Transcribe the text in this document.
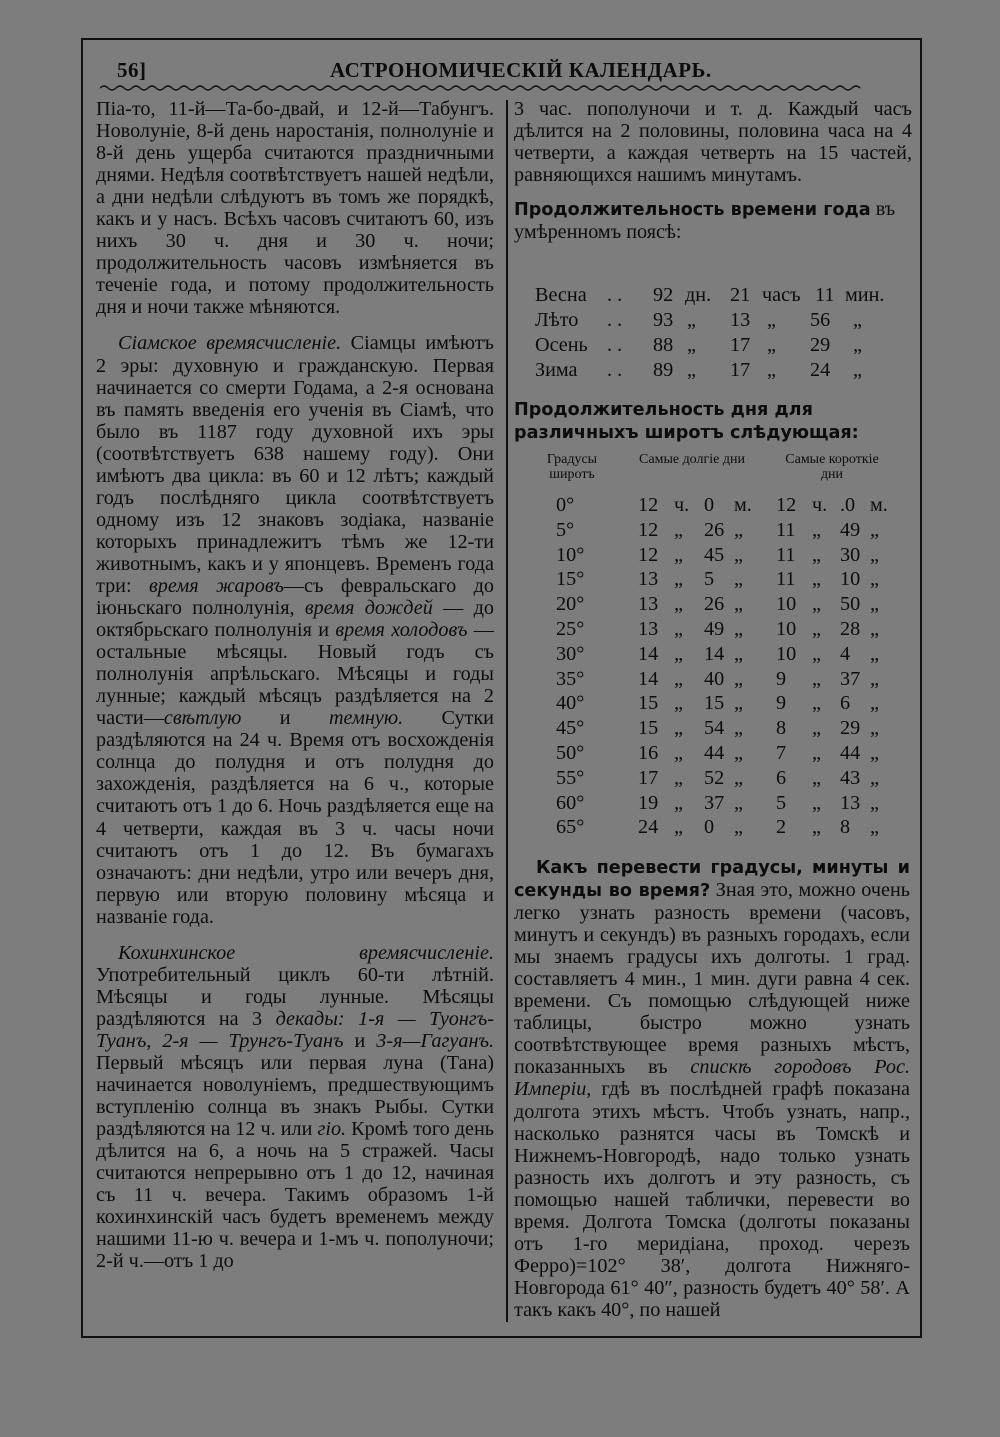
56]	АСТРОНОМИЧЕСКІЙ КАЛЕНДАРЬ.

Піа-то, 11-й—Та-бо-двай, и 12-й—Табунгъ. Новолуніе, 8-й день наростанія, полнолуніе и 8-й день ущерба считаются праздничными днями. Недѣля соотвѣтствуетъ нашей недѣли, а дни недѣли слѣдуютъ въ томъ же порядкѣ, какъ и у насъ. Всѣхъ часовъ считаютъ 60, изъ нихъ 30 ч. дня и 30 ч. ночи; продолжительность часовъ измѣняется въ теченіе года, и потому продолжительность дня и ночи также мѣняются.

Сіамское времясчисленіе. Сіамцы имѣютъ 2 эры: духовную и гражданскую. Первая начинается со смерти Годама, а 2-я основана въ память введенія его ученія въ Сіамѣ, что было въ 1187 году духовной ихъ эры (соотвѣтствуетъ 638 нашему году). Они имѣютъ два цикла: въ 60 и 12 лѣтъ; каждый годъ послѣдняго цикла соотвѣтствуетъ одному изъ 12 знаковъ зодіака, названіе которыхъ принадлежитъ тѣмъ же 12-ти животнымъ, какъ и у японцевъ. Временъ года три: время жаровъ—съ февральскаго до іюньскаго полнолунія, время дождей — до октябрьскаго полнолунія и время холодовъ — остальные мѣсяцы. Новый годъ съ полнолунія апрѣльскаго. Мѣсяцы и годы лунные; каждый мѣсяцъ раздѣляется на 2 части—свѣтлую и темную. Сутки раздѣляются на 24 ч. Время отъ восхожденія солнца до полудня и отъ полудня до захожденія, раздѣляется на 6 ч., которые считаютъ отъ 1 до 6. Ночь раздѣляется еще на 4 четверти, каждая въ 3 ч. часы ночи считаютъ отъ 1 до 12. Въ бумагахъ означаютъ: дни недѣли, утро или вечеръ дня, первую или вторую половину мѣсяца и названіе года.

Кохинхинское времясчисленіе. Употребительный циклъ 60-ти лѣтній. Мѣсяцы и годы лунные. Мѣсяцы раздѣляются на 3 декады: 1-я — Туонгъ-Туанъ, 2-я — Трунгъ-Туанъ и 3-я—Гагуанъ. Первый мѣсяцъ или первая луна (Тана) начинается новолуніемъ, предшествующимъ вступленію солнца въ знакъ Рыбы. Сутки раздѣляются на 12 ч. или гіо. Кромѣ того день дѣлится на 6, а ночь на 5 стражей. Часы считаются непрерывно отъ 1 до 12, начиная съ 11 ч. вечера. Такимъ образомъ 1-й кохинхинскій часъ будетъ временемъ между нашими 11-ю ч. вечера и 1-мъ ч. пополуночи; 2-й ч.—отъ 1 до

3 час. пополуночи и т. д. Каждый часъ дѣлится на 2 половины, половина часа на 4 четверти, а каждая четверть на 15 частей, равняющихся нашимъ минутамъ.

Продолжительность времени года въ умѣренномъ поясѣ:

Весна . . 92 дн. 21 часъ 11 мин.
Лѣто . . 93 „ 13 „ 56 „
Осень . . 88 „ 17 „ 29 „
Зима . . 89 „ 17 „ 24 „

Продолжительность дня для различныхъ широтъ слѣдующая:

Градусы широтъ
Самые долгіе дни	Самые короткіе дни
0°	12 ч. 0 м. 12 ч. .0 м.
5°	12 „ 26 „ 11 „ 49 „
10°	12 „ 45 „ 11 „ 30 „
15°	13 „ 5 „ 11 „ 10 „
20°	13 „ 26 „ 10 „ 50 „
25°	13 „ 49 „ 10 „ 28 „
30°	14 „ 14 „ 10 „ 4 „
35°	14 „ 40 „ 9 „ 37 „
40°	15 „ 15 „ 9 „ 6 „
45°	15 „ 54 „ 8 „ 29 „
50°	16 „ 44 „ 7 „ 44 „
55°	17 „ 52 „ 6 „ 43 „
60°	19 „ 37 „ 5 „ 13 „
65°	24 „ 0 „ 2 „ 8 „

Какъ перевести градусы, минуты и секунды во время? Зная это, можно очень легко узнать разность времени (часовъ, минутъ и секундъ) въ разныхъ городахъ, если мы знаемъ градусы ихъ долготы. 1 град. составляетъ 4 мин., 1 мин. дуги равна 4 сек. времени. Съ помощью слѣдующей ниже таблицы, быстро можно узнать соотвѣтствующее время разныхъ мѣстъ, показанныхъ въ спискѣ городовъ Рос. Имперіи, гдѣ въ послѣдней графѣ показана долгота этихъ мѣстъ. Чтобъ узнать, напр., насколько разнятся часы въ Томскѣ и Нижнемъ-Новгородѣ, надо только узнать разность ихъ долготъ и эту разность, съ помощью нашей таблички, перевести во время. Долгота Томска (долготы показаны отъ 1-го меридіана, проход. черезъ Ферро)=102° 38′, долгота Нижняго-Новгорода 61° 40″, разность будетъ 40° 58′. А такъ какъ 40°, по нашей
